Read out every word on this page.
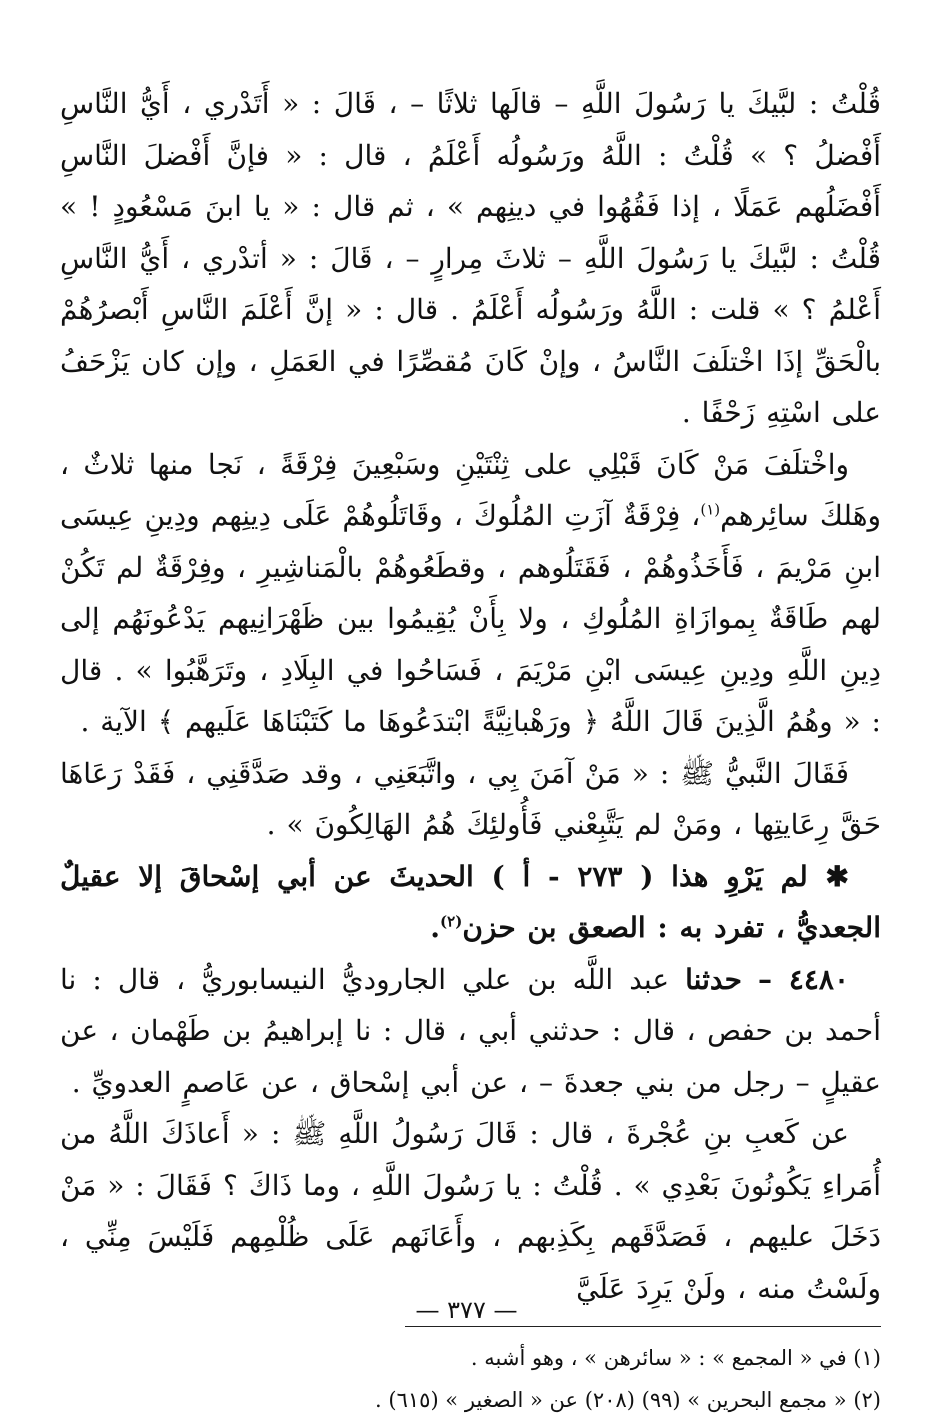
قُلْتُ : لبَّيكَ يا رَسُولَ اللَّهِ – قالَها ثلاثًا – ، قَالَ : « أَتَدْري ، أَيُّ النَّاسِ أَفْضلُ ؟ » قُلْتُ : اللَّهُ ورَسُولُه أَعْلَمُ ، قال : « فإنَّ أَفْضلَ النَّاسِ أَفْضَلُهم عَمَلًا ، إذا فَقُهُوا في دينِهم » ، ثم قال : « يا ابنَ مَسْعُودٍ ! » قُلْتُ : لبَّيكَ يا رَسُولَ اللَّهِ – ثلاثَ مِرارٍ – ، قَالَ : « أتدْري ، أَيُّ النَّاسِ أَعْلمُ ؟ » قلت : اللَّهُ ورَسُولُه أَعْلَمُ . قال : « إنَّ أَعْلَمَ النَّاسِ أَبْصرُهُمْ بالْحَقِّ إذَا اخْتلَفَ النَّاسُ ، وإنْ كَانَ مُقصِّرًا في العَمَلِ ، وإن كان يَزْحَفُ على اسْتِهِ زَحْفًا .

واخْتلَفَ مَنْ كَانَ قَبْلِي على ثِنْتَيْنِ وسَبْعِينَ فِرْقَةً ، نَجا منها ثلاثٌ ، وهَلكَ سائِرهم$^{(١)}$، فِرْقَةٌ آزَتِ المُلُوكَ ، وقَاتَلُوهُمْ عَلَى دِينِهم ودِينِ عِيسَى ابنِ مَرْيمَ ، فَأَخَذُوهُمْ ، فَقَتَلُوهم ، وقطَعُوهُمْ بالْمَناشِيرِ ، وفِرْقَةٌ لم تَكُنْ لهم طَاقَةٌ بِموازَاةِ المُلُوكِ ، ولا بِأَنْ يُقِيمُوا بين ظَهْرَانِيهم يَدْعُونَهُم إلى دِينِ اللَّهِ ودِينِ عِيسَى ابْنِ مَرْيَمَ ، فَسَاحُوا في البِلَادِ ، وتَرَهَّبُوا » . قال : « وهُمُ الَّذِينَ قَالَ اللَّهُ ﴿ ورَهْبانِيَّةً ابْتدَعُوهَا ما كَتَبْنَاهَا عَلَيهم ﴾ الآية .

فَقَالَ النَّبيُّ ﷺ : « مَنْ آمَنَ بِي ، واتَّبَعَنِي ، وقد صَدَّقَنِي ، فَقَدْ رَعَاهَا حَقَّ رِعَايتِها ، ومَنْ لم يَتَّبِعْني فَأُولئِكَ هُمُ الهَالِكُونَ » .

✱ لم يَرْوِ هذا ( ٢٧٣ - أ ) الحديثَ عن أبي إسْحاقَ إلا عقيلٌ الجعديُّ ، تفرد به : الصعق بن حزن$^{(٢)}$.

٤٤٨٠ – حدثنا عبد اللَّه بن علي الجاروديُّ النيسابوريُّ ، قال : نا أحمد بن حفص ، قال : حدثني أبي ، قال : نا إبراهيمُ بن طَهْمان ، عن عقيلٍ – رجل من بني جعدةَ – ، عن أبي إسْحاق ، عن عَاصمٍ العدويِّ .

عن كَعبِ بنِ عُجْرةَ ، قال : قَالَ رَسُولُ اللَّهِ ﷺ : « أَعاذَكَ اللَّهُ من أُمَراءِ يَكُونُونَ بَعْدِي » . قُلْتُ : يا رَسُولَ اللَّهِ ، وما ذَاكَ ؟ فَقَالَ : « مَنْ دَخَلَ عليهم ، فَصَدَّقَهم بِكَذِبهم ، وأَعَانَهم عَلَى ظُلْمِهم فَلَيْسَ مِنِّي ، ولَسْتُ منه ، ولَنْ يَرِدَ عَلَيَّ

(١) في « المجمع » : « سائرهن » ، وهو أشبه .

(٢) « مجمع البحرين » (٩٩) (٢٠٨) عن « الصغير » (٦١٥) .

— ٣٧٧ —
